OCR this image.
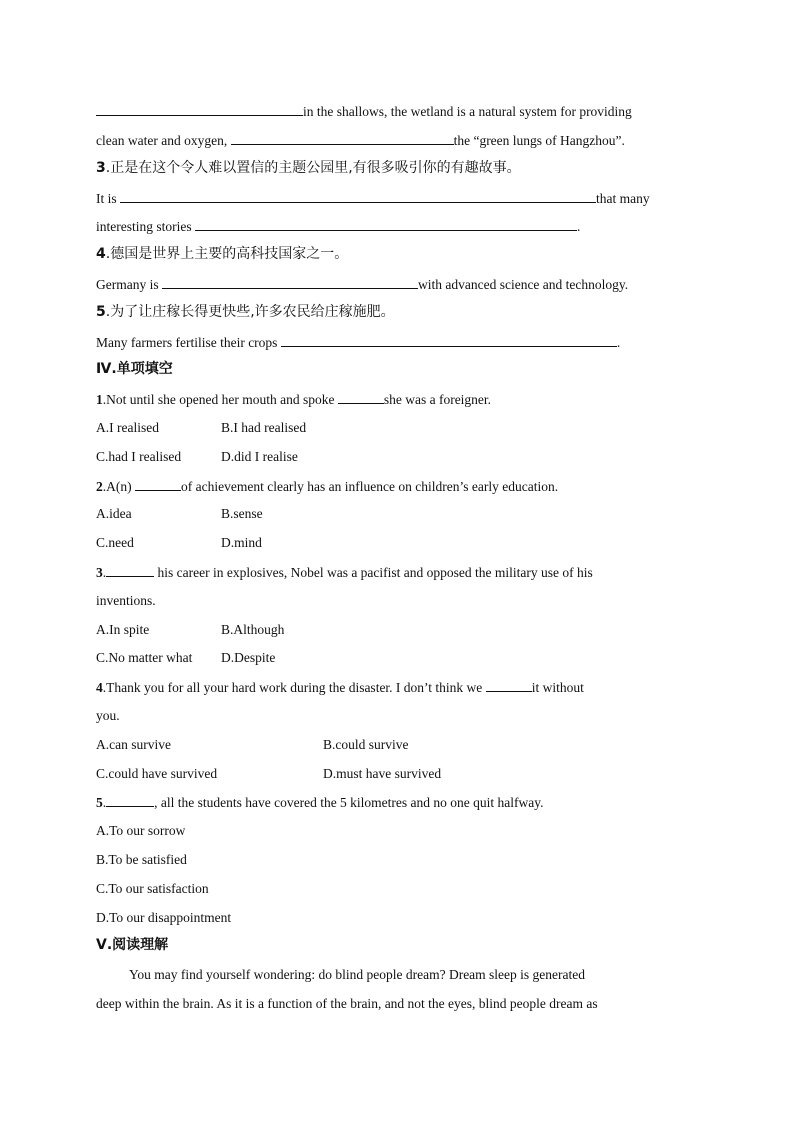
in the shallows, the wetland is a natural system for providing
clean water and oxygen,	the “green lungs of Hangzhou”.
3.正是在这个令人难以置信的主题公园里,有很多吸引你的有趣故事。
It is	that many
interesting stories	.
4.德国是世界上主要的高科技国家之一。
Germany is	with advanced science and technology.
5.为了让庄稼长得更快些,许多农民给庄稼施肥。
Many farmers fertilise their crops	.
Ⅳ.单项填空
1.Not until she opened her mouth and spoke	she was a foreigner.
A.I realised	B.I had realised
C.had I realised	D.did I realise
2.A(n)	of achievement clearly has an influence on children’s early education.
A.idea	B.sense
C.need	D.mind
3.	his career in explosives, Nobel was a pacifist and opposed the military use of his
inventions.
A.In spite	B.Although
C.No matter what D.Despite
4.Thank you for all your hard work during the disaster. I don’t think we	it without
you.
A.can survive	B.could survive
C.could have survived	D.must have survived
5.	, all the students have covered the 5 kilometres and no one quit halfway.
A.To our sorrow
B.To be satisfied
C.To our satisfaction
D.To our disappointment
Ⅴ.阅读理解
You may find yourself wondering: do blind people dream? Dream sleep is generated
deep within the brain. As it is a function of the brain, and not the eyes, blind people dream as
